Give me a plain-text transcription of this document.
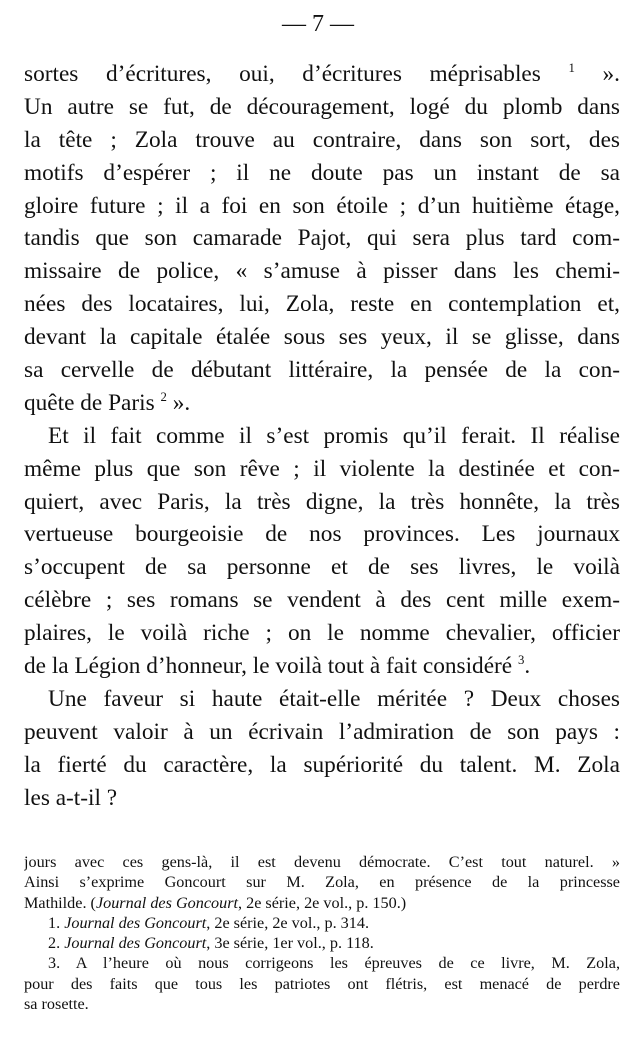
— 7 —
sortes d’écritures, oui, d’écritures méprisables $^1$ ».
Un autre se fut, de découragement, logé du plomb dans
la tête ; Zola trouve au contraire, dans son sort, des
motifs d’espérer ; il ne doute pas un instant de sa
gloire future ; il a foi en son étoile ; d’un huitième étage,
tandis que son camarade Pajot, qui sera plus tard com-
missaire de police, « s’amuse à pisser dans les chemi-
nées des locataires, lui, Zola, reste en contemplation et,
devant la capitale étalée sous ses yeux, il se glisse, dans
sa cervelle de débutant littéraire, la pensée de la con-
quête de Paris $^2$ ».
Et il fait comme il s’est promis qu’il ferait. Il réalise
même plus que son rêve ; il violente la destinée et con-
quiert, avec Paris, la très digne, la très honnête, la très
vertueuse bourgeoisie de nos provinces. Les journaux
s’occupent de sa personne et de ses livres, le voilà
célèbre ; ses romans se vendent à des cent mille exem-
plaires, le voilà riche ; on le nomme chevalier, officier
de la Légion d’honneur, le voilà tout à fait considéré $^3$.
Une faveur si haute était-elle méritée ? Deux choses
peuvent valoir à un écrivain l’admiration de son pays :
la fierté du caractère, la supériorité du talent. M. Zola
les a-t-il ?
jours avec ces gens-là, il est devenu démocrate. C’est tout naturel. »
Ainsi s’exprime Goncourt sur M. Zola, en présence de la princesse
Mathilde. (Journal des Goncourt, 2e série, 2e vol., p. 150.)
1. Journal des Goncourt, 2e série, 2e vol., p. 314.
2. Journal des Goncourt, 3e série, 1er vol., p. 118.
3. A l’heure où nous corrigeons les épreuves de ce livre, M. Zola,
pour des faits que tous les patriotes ont flétris, est menacé de perdre
sa rosette.
